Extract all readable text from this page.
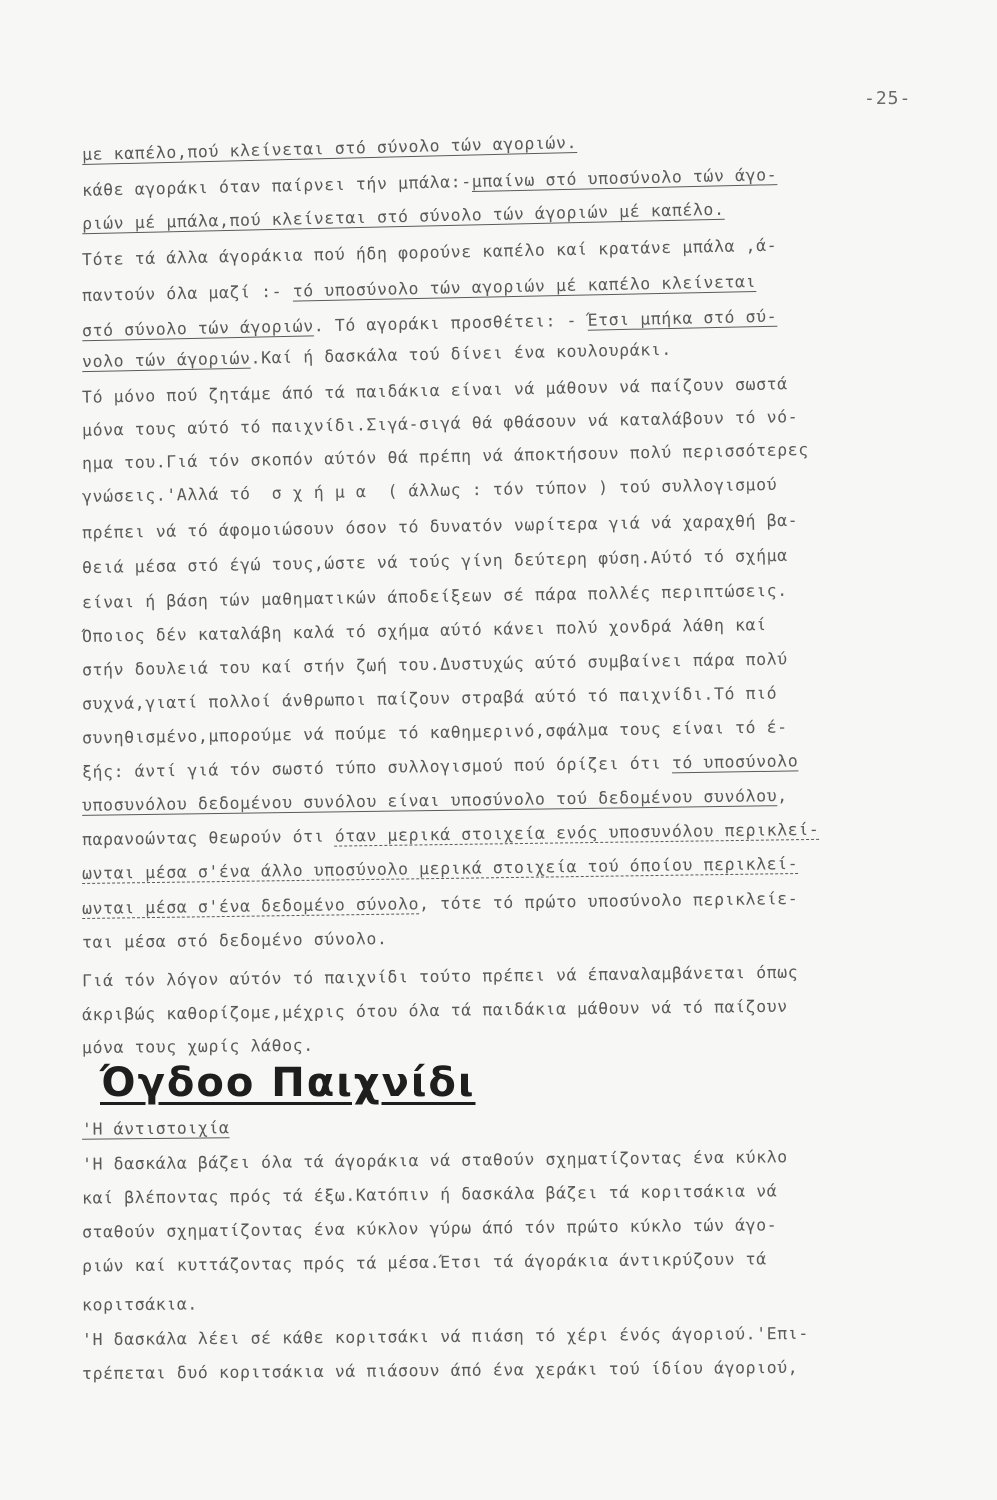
-25-

με καπέλο,πού κλείνεται στό σύνολο τών αγοριών.

κάθε αγοράκι όταν παίρνει τήν μπάλα:-μπαίνω στό υποσύνολο τών άγο-

ριών μέ μπάλα,πού κλείνεται στό σύνολο τών άγοριών μέ καπέλο.

Τότε τά άλλα άγοράκια πού ήδη φορούνε καπέλο καί κρατάνε μπάλα ,ά-

παντούν όλα μαζί :- τό υποσύνολο τών αγοριών μέ καπέλο κλείνεται

στό σύνολο τών άγοριών. Τό αγοράκι προσθέτει: - Έτσι μπήκα στό σύ-

νολο τών άγοριών.Καί ή δασκάλα τού δίνει ένα κουλουράκι.

Τό μόνο πού ζητάμε άπό τά παιδάκια είναι νά μάθουν νά παίζουν σωστά

μόνα τους αύτό τό παιχνίδι.Σιγά-σιγά θά φθάσουν νά καταλάβουν τό νό-

ημα του.Γιά τόν σκοπόν αύτόν θά πρέπη νά άποκτήσουν πολύ περισσότερες

γνώσεις.'Αλλά τό  σ χ ή μ α  ( άλλως : τόν τύπον ) τού συλλογισμού

πρέπει νά τό άφομοιώσουν όσον τό δυνατόν νωρίτερα γιά νά χαραχθή βα-

θειά μέσα στό έγώ τους,ώστε νά τούς γίνη δεύτερη φύση.Αύτό τό σχήμα

είναι ή βάση τών μαθηματικών άποδείξεων σέ πάρα πολλές περιπτώσεις.

Όποιος δέν καταλάβη καλά τό σχήμα αύτό κάνει πολύ χονδρά λάθη καί

στήν δουλειά του καί στήν ζωή του.Δυστυχώς αύτό συμβαίνει πάρα πολύ

συχνά,γιατί πολλοί άνθρωποι παίζουν στραβά αύτό τό παιχνίδι.Τό πιό

συνηθισμένο,μπορούμε νά πούμε τό καθημερινό,σφάλμα τους είναι τό έ-

ξής: άντί γιά τόν σωστό τύπο συλλογισμού πού όρίζει ότι τό υποσύνολο

υποσυνόλου δεδομένου συνόλου είναι υποσύνολο τού δεδομένου συνόλου,

παρανοώντας θεωρούν ότι όταν μερικά στοιχεία ενός υποσυνόλου περικλεί-

ωνται μέσα σ'ένα άλλο υποσύνολο μερικά στοιχεία τού όποίου περικλεί-

ωνται μέσα σ'ένα δεδομένο σύνολο, τότε τό πρώτο υποσύνολο περικλείε-

ται μέσα στό δεδομένο σύνολο.

Γιά τόν λόγον αύτόν τό παιχνίδι τούτο πρέπει νά έπαναλαμβάνεται όπως

άκριβώς καθορίζομε,μέχρις ότου όλα τά παιδάκια μάθουν νά τό παίζουν

μόνα τους χωρίς λάθος.

Όγδοο Παιχνίδι

'Η άντιστοιχία

'Η δασκάλα βάζει όλα τά άγοράκια νά σταθούν σχηματίζοντας ένα κύκλο

καί βλέποντας πρός τά έξω.Κατόπιν ή δασκάλα βάζει τά κοριτσάκια νά

σταθούν σχηματίζοντας ένα κύκλον γύρω άπό τόν πρώτο κύκλο τών άγο-

ριών καί κυττάζοντας πρός τά μέσα.Έτσι τά άγοράκια άντικρύζουν τά

κοριτσάκια.

'Η δασκάλα λέει σέ κάθε κοριτσάκι νά πιάση τό χέρι ένός άγοριού.'Επι-

τρέπεται δυό κοριτσάκια νά πιάσουν άπό ένα χεράκι τού ίδίου άγοριού,
